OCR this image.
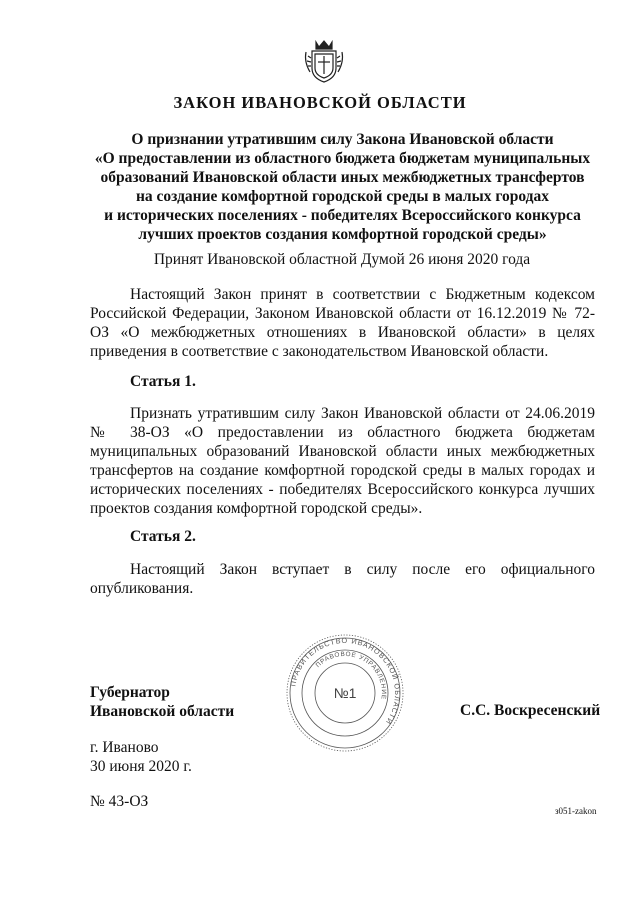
ЗАКОН ИВАНОВСКОЙ ОБЛАСТИ
О признании утратившим силу Закона Ивановской области
«О предоставлении из областного бюджета бюджетам муниципальных
образований Ивановской области иных межбюджетных трансфертов
на создание комфортной городской среды в малых городах
и исторических поселениях - победителях Всероссийского конкурса
лучших проектов создания комфортной городской среды»
Принят Ивановской областной Думой 26 июня 2020 года

Настоящий Закон принят в соответствии с Бюджетным кодексом Российской Федерации, Законом Ивановской области от 16.12.2019 № 72-ОЗ «О межбюджетных отношениях в Ивановской области» в целях приведения в соответствие с законодательством Ивановской области.

Статья 1.

Признать утратившим силу Закон Ивановской области от 24.06.2019 № 38-ОЗ «О предоставлении из областного бюджета бюджетам муниципальных образований Ивановской области иных межбюджетных трансфертов на создание комфортной городской среды в малых городах и исторических поселениях - победителях Всероссийского конкурса лучших проектов создания комфортной городской среды».

Статья 2.

Настоящий Закон вступает в силу после его официального опубликования.

ПРАВИТЕЛЬСТВО ИВАНОВСКОЙ ОБЛАСТИ
ПРАВОВОЕ УПРАВЛЕНИЕ
№1
Губернатор
Ивановской области	С.С. Воскресенский
г. Иваново
30 июня 2020 г.
№ 43-ОЗ
з051-zakon
